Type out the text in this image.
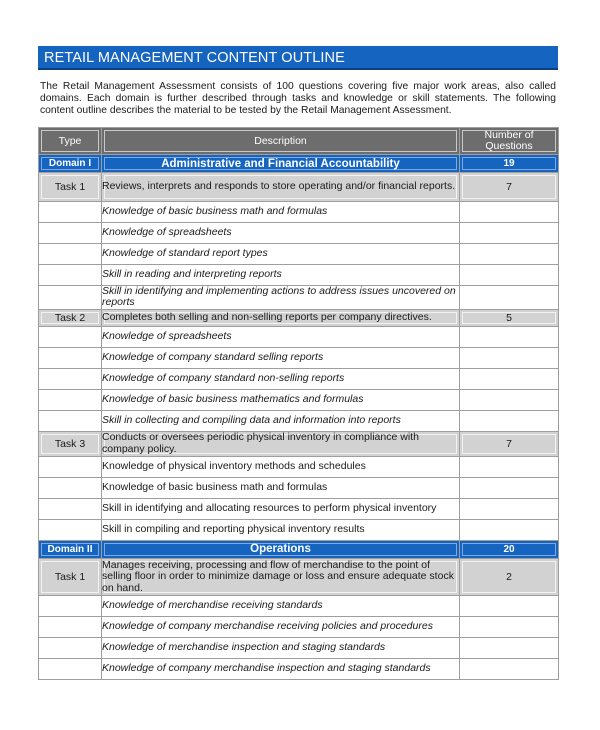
RETAIL MANAGEMENT CONTENT OUTLINE

The Retail Management Assessment consists of 100 questions covering five major work areas, also called domains. Each domain is further described through tasks and knowledge or skill statements. The following content outline describes the material to be tested by the Retail Management Assessment.

Type	Description	Number of Questions
Domain I	Administrative and Financial Accountability	19
Task 1	Reviews, interprets and responds to store operating and/or financial reports.	7
	Knowledge of basic business math and formulas	
	Knowledge of spreadsheets	
	Knowledge of standard report types	
	Skill in reading and interpreting reports	
	Skill in identifying and implementing actions to address issues uncovered on reports	
Task 2	Completes both selling and non-selling reports per company directives.	5
	Knowledge of spreadsheets	
	Knowledge of company standard selling reports	
	Knowledge of company standard non-selling reports	
	Knowledge of basic business mathematics and formulas	
	Skill in collecting and compiling data and information into reports	
Task 3	Conducts or oversees periodic physical inventory in compliance with company policy.	7
	Knowledge of physical inventory methods and schedules	
	Knowledge of basic business math and formulas	
	Skill in identifying and allocating resources to perform physical inventory	
	Skill in compiling and reporting physical inventory results	
Domain II	Operations	20
Task 1	Manages receiving, processing and flow of merchandise to the point of selling floor in order to minimize damage or loss and ensure adequate stock on hand.	2
	Knowledge of merchandise receiving standards	
	Knowledge of company merchandise receiving policies and procedures	
	Knowledge of merchandise inspection and staging standards	
	Knowledge of company merchandise inspection and staging standards	
